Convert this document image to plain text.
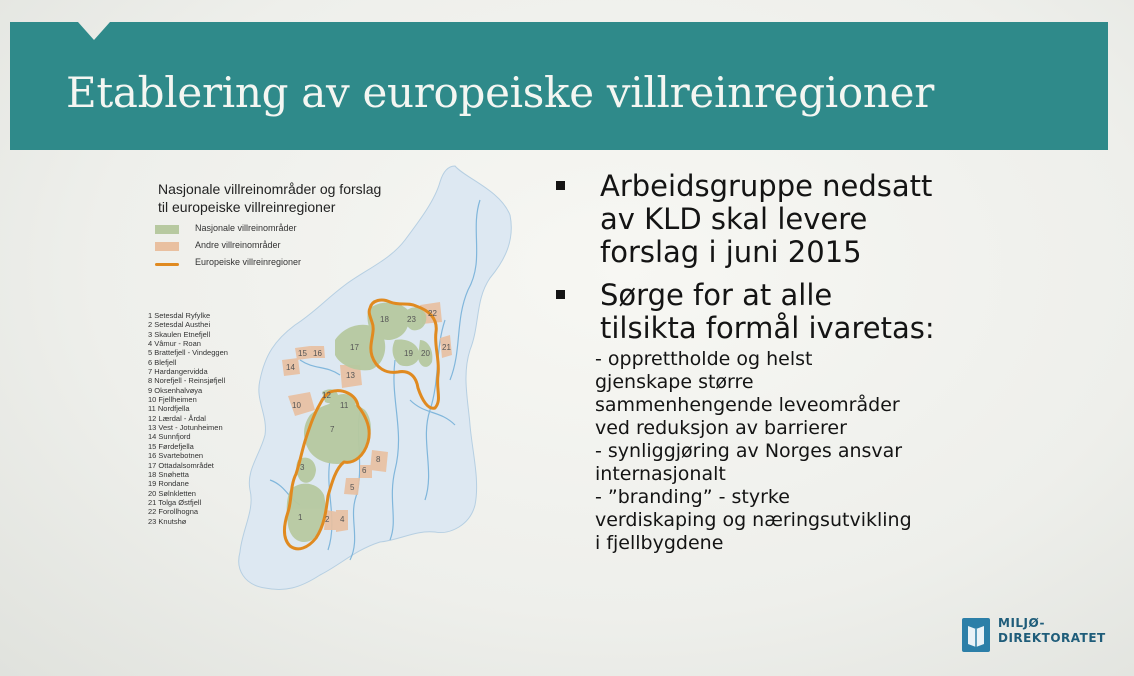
Etablering av europeiske villreinregioner
1	2
3
4
5
6
7
8
10	11
12
13
14
15 16
17
18
19 20
21
22
23
Nasjonale villreinområder og forslag
til europeiske villreinregioner
Nasjonale villreinområder
Andre villreinområder
Europeiske villreinregioner
1 Setesdal Ryfylke
2 Setesdal Austhei
3 Skaulen Etnefjell
4 Vâmur - Roan
5 Brattefjell - Vindeggen
6 Blefjell
7 Hardangervidda
8 Norefjell - Reinsjøfjell
9 Oksenhalvøya
10 Fjellheimen
11 Nordfjella
12 Lærdal - Årdal
13 Vest - Jotunheimen
14 Sunnfjord
15 Førdefjella
16 Svartebotnen
17 Ottadalsområdet
18 Snøhetta
19 Rondane
20 Sølnkletten
21 Tolga Østfjell
22 Forollhogna
23 Knutshø
Arbeidsgruppe nedsatt
av KLD skal levere
forslag i juni 2015
Sørge for at alle
tilsikta formål ivaretas:
- opprettholde og helst
gjenskape større
sammenhengende leveområder
ved reduksjon av barrierer
- synliggjøring av Norges ansvar
internasjonalt
- ”branding” - styrke
verdiskaping og næringsutvikling
i fjellbygdene
MILJØ-
DIREKTORATET
